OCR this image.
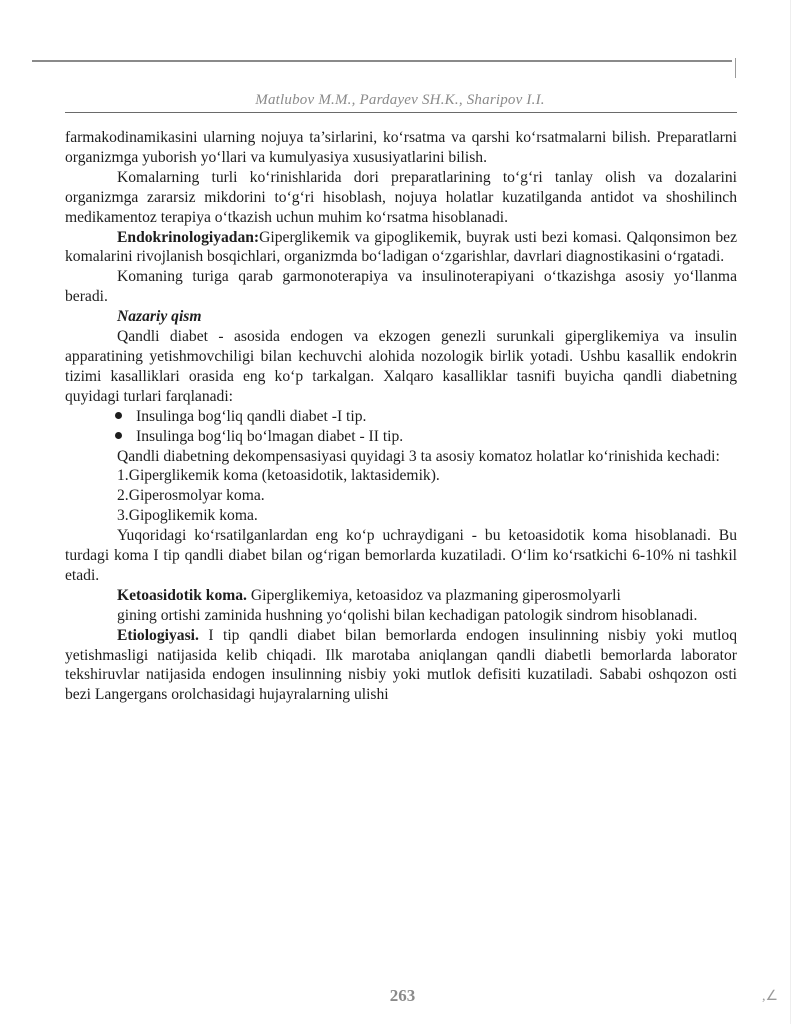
Matlubov M.M., Pardayev SH.K., Sharipov I.I.

farmakodinamikasini ularning nojuya ta’sirlarini, ko‘rsatma va qarshi ko‘rsatmalarni bilish. Preparatlarni organizmga yuborish yo‘llari va kumulyasiya xususiyatlarini bilish.

Komalarning turli ko‘rinishlarida dori preparatlarining to‘g‘ri tanlay olish va dozalarini organizmga zararsiz mikdorini to‘g‘ri hisoblash, nojuya holatlar kuzatilganda antidot va shoshilinch medikamentoz terapiya o‘tkazish uchun muhim ko‘rsatma hisoblanadi.

Endokrinologiyadan:Giperglikemik va gipoglikemik, buyrak usti bezi komasi. Qalqonsimon bez komalarini rivojlanish bosqichlari, organizmda bo‘ladigan o‘zgarishlar, davrlari diagnostikasini o‘rgatadi.

Komaning turiga qarab garmonoterapiya va insulinoterapiyani o‘tkazishga asosiy yo‘llanma beradi.

Nazariy qism

Qandli diabet - asosida endogen va ekzogen genezli surunkali giperglikemiya va insulin apparatining yetishmovchiligi bilan kechuvchi alohida nozologik birlik yotadi. Ushbu kasallik endokrin tizimi kasalliklari orasida eng ko‘p tarkalgan. Xalqaro kasalliklar tasnifi buyicha qandli diabetning quyidagi turlari farqlanadi:

Insulinga bog‘liq qandli diabet -I tip.
Insulinga bog‘liq bo‘lmagan diabet - II tip.

Qandli diabetning dekompensasiyasi quyidagi 3 ta asosiy komatoz holatlar ko‘rinishida kechadi:

1.Giperglikemik koma (ketoasidotik, laktasidemik).

2.Giperosmolyar koma.

3.Gipoglikemik koma.

Yuqoridagi ko‘rsatilganlardan eng ko‘p uchraydigani - bu ketoasidotik koma hisoblanadi. Bu turdagi koma I tip qandli diabet bilan og‘rigan bemorlarda kuzatiladi. O‘lim ko‘rsatkichi 6-10% ni tashkil etadi.

Ketoasidotik koma. Giperglikemiya, ketoasidoz va plazmaning giperosmolyarli

gining ortishi zaminida hushning yo‘qolishi bilan kechadigan patologik sindrom hisoblanadi.

Etiologiyasi. I tip qandli diabet bilan bemorlarda endogen insulinning nisbiy yoki mutloq yetishmasligi natijasida kelib chiqadi. Ilk marotaba aniqlangan qandli diabetli bemorlarda laborator tekshiruvlar natijasida endogen insulinning nisbiy yoki mutlok defisiti kuzatiladi. Sababi oshqozon osti bezi Langergans orolchasidagi hujayralarning ulishi

263	,∠
